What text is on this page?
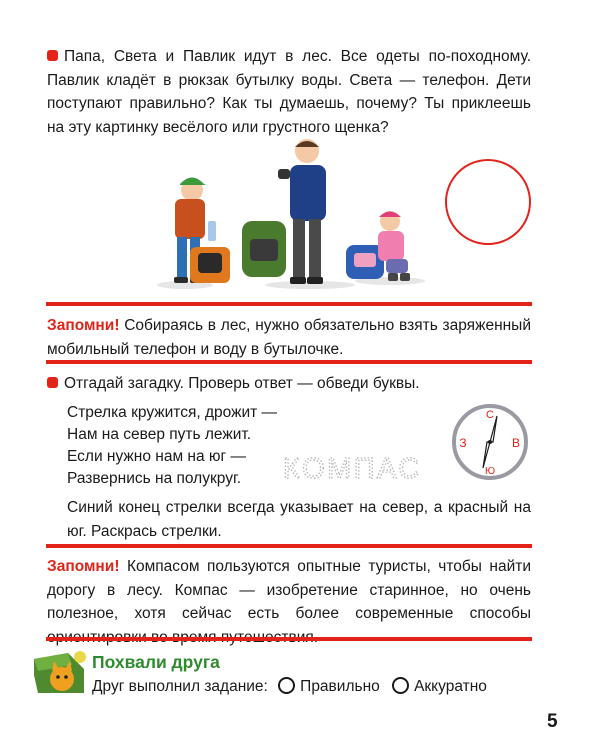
Папа, Света и Павлик идут в лес. Все одеты по-походному. Павлик кладёт в рюкзак бутылку воды. Света — телефон. Дети поступают правильно? Как ты думаешь, почему? Ты приклеешь на эту картинку весёлого или грустного щенка?
Запомни! Собираясь в лес, нужно обязательно взять заряженный мобильный телефон и воду в бутылочке.
Отгадай загадку. Проверь ответ — обведи буквы.
Стрелка кружится, дрожит —
Нам на север путь лежит.
Если нужно нам на юг —
Развернись на полукруг.	КОМПАС
С
Ю
З	В
Синий конец стрелки всегда указывает на север, а красный на юг. Раскрась стрелки.
Запомни! Компасом пользуются опытные туристы, чтобы найти дорогу в лесу. Компас — изобретение старинное, но очень полезное, хотя сейчас есть более современные способы
Похвали друга
Друг выполнил задание: Правильно Аккуратно
5
